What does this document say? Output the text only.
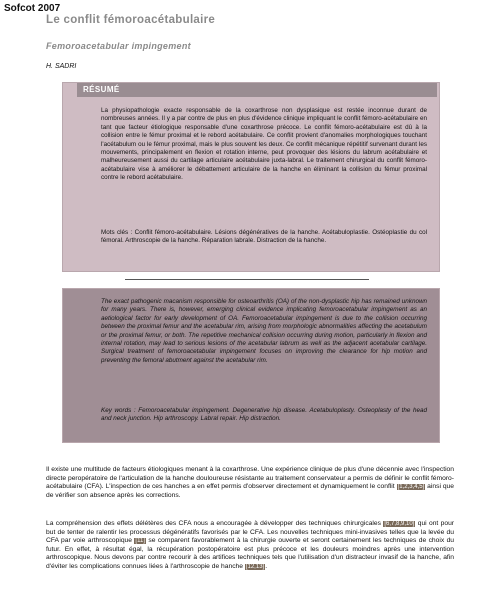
Sofcot 2007
Le conflit fémoroacétabulaire
Femoroacetabular impingement
H. SADRI
RÉSUMÉ

La physiopathologie exacte responsable de la coxarthrose non dysplasique est restée inconnue durant de nombreuses années. Il y a par contre de plus en plus d'évidence clinique impliquant le conflit fémoro-acétabulaire en tant que facteur étiologique responsable d'une coxarthrose précoce. Le conflit fémoro-acétabulaire est dû à la collision entre le fémur proximal et le rebord acétabulaire. Ce conflit provient d'anomalies morphologiques touchant l'acétabulum ou le fémur proximal, mais le plus souvent les deux. Ce conflit mécanique répétitif survenant durant les mouvements, principalement en flexion et rotation interne, peut provoquer des lésions du labrum acétabulaire et malheureusement aussi du cartilage articulaire acétabulaire juxta-labral. Le traitement chirurgical du conflit fémoro-acétabulaire vise à améliorer le débattement articulaire de la hanche en éliminant la collision du fémur proximal contre le rebord acétabulaire.

Mots clés : Conflit fémoro-acétabulaire. Lésions dégénératives de la hanche. Acétabuloplastie. Ostéoplastie du col fémoral. Arthroscopie de la hanche. Réparation labrale. Distraction de la hanche.

The exact pathogenic macanism responsible for osteoarthritis (OA) of the non-dysplastic hip has remained unknown for many years. There is, however, emerging clinical evidence implicating femoroacetabular impingement as an aetiological factor for early development of OA. Femoroacetabular impingement is due to the collision occurring between the proximal femur and the acetabular rim, arising from morphologic abnormalities affecting the acetabulum or the proximal femur, or both. The repetitive mechanical collision occurring during motion, particularly in flexion and internal rotation, may lead to serious lesions of the acetabular labrum as well as the adjacent acetabular cartilage. Surgical treatment of femoroacetabular impingement focuses on improving the clearance for hip motion and preventing the femoral abutment against the acetabular rim.

Key words : Femoroacetabular impingement. Degenerative hip disease. Acetabuloplasty. Osteoplasty of the head and neck junction. Hip arthroscopy. Labral repair. Hip distraction.

Il existe une multitude de facteurs étiologiques menant à la coxarthrose. Une expérience clinique de plus d'une décennie avec l'inspection directe peropératoire de l'articulation de la hanche douloureuse résistante au traitement conservateur a permis de définir le conflit fémoro-acétabulaire (CFA). L'inspection de ces hanches a en effet permis d'observer directement et dynamiquement le conflit [1,2,3,4,5] ainsi que de vérifier son absence après les corrections.

La compréhension des effets délétères des CFA nous a encouragée à développer des techniques chirurgicales [6,7,8,9,10] qui ont pour but de tenter de ralentir les processus dégénératifs favorisés par le CFA. Les nouvelles techniques mini-invasives telles que la levée du CFA par voie arthroscopique [11] se comparent favorablement à la chirurgie ouverte et seront certainement les techniques de choix du futur. En effet, à résultat égal, la récupération postopératoire est plus précoce et les douleurs moindres après une intervention arthroscopique. Nous devons par contre recourir à des artifices techniques tels que l'utilisation d'un distracteur invasif de la hanche, afin d'éviter les complications connues liées à l'arthroscopie de hanche [12,13].
